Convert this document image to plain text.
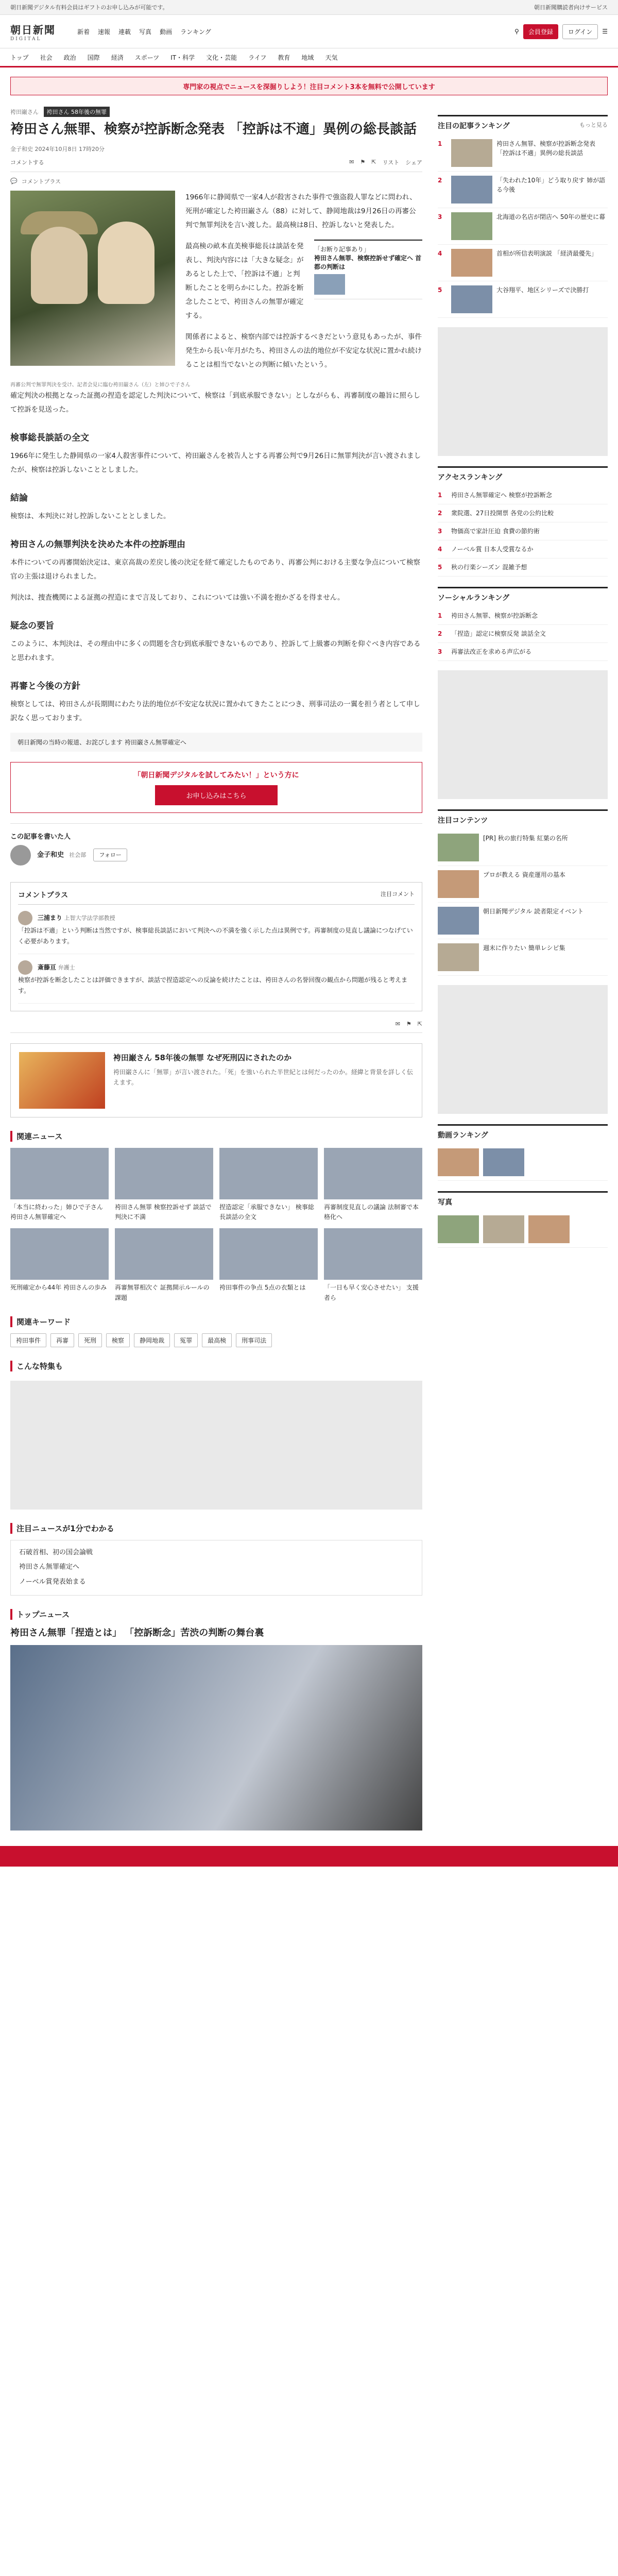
朝日新聞デジタル有料会員はギフトのお申し込みが可能です。	朝日新聞購読者向けサービス
朝日新聞
DIGITAL
新着 速報 連載 写真 動画 ランキング	⚲	会員登録	ログイン	☰
トップ 社会 政治 国際 経済 スポーツ IT・科学 文化・芸能 ライフ 教育 地域 天気
専門家の視点でニュースを深掘りしよう！注目コメント3本を無料で公開しています
袴田巌さん 袴田さん 58年後の無罪
袴田さん無罪、検察が控訴断念発表 「控訴は不適」異例の総長談話
金子和史 2024年10月8日 17時20分
コメントする	✉ ⚑ ⇱ リスト シェア
💬 コメントプラス

1966年に静岡県で一家4人が殺害された事件で強盗殺人罪などに問われ、死刑が確定した袴田巌さん（88）に対して、静岡地裁は9月26日の再審公判で無罪判決を言い渡した。最高検は8日、控訴しないと発表した。

「お断り記事あり」
袴田さん無罪、検察控訴せず確定へ 首都の判断は

最高検の畝本直美検事総長は談話を発表し、判決内容には「大きな疑念」があるとした上で、「控訴は不適」と判断したことを明らかにした。控訴を断念したことで、袴田さんの無罪が確定する。

関係者によると、検察内部では控訴するべきだという意見もあったが、事件発生から長い年月がたち、袴田さんの法的地位が不安定な状況に置かれ続けることは相当でないとの判断に傾いたという。

再審公判で無罪判決を受け、記者会見に臨む袴田巌さん（左）と姉ひで子さん

確定判決の根拠となった証拠の捏造を認定した判決について、検察は「到底承服できない」としながらも、再審制度の趣旨に照らして控訴を見送った。

検事総長談話の全文

1966年に発生した静岡県の一家4人殺害事件について、袴田巌さんを被告人とする再審公判で9月26日に無罪判決が言い渡されましたが、検察は控訴しないこととしました。

結論

検察は、本判決に対し控訴しないこととしました。

袴田さんの無罪判決を決めた本件の控訴理由

本件についての再審開始決定は、東京高裁の差戻し後の決定を経て確定したものであり、再審公判における主要な争点について検察官の主張は退けられました。

判決は、捜査機関による証拠の捏造にまで言及しており、これについては強い不満を抱かざるを得ません。

疑念の要旨

このように、本判決は、その理由中に多くの問題を含む到底承服できないものであり、控訴して上級審の判断を仰ぐべき内容であると思われます。

再審と今後の方針

検察としては、袴田さんが長期間にわたり法的地位が不安定な状況に置かれてきたことにつき、刑事司法の一翼を担う者として申し訳なく思っております。

朝日新聞の当時の報道、お詫びします 袴田巌さん無罪確定へ
「朝日新聞デジタルを試してみたい！」という方に
お申し込みはこちら
この記事を書いた人
金子和史 社会部 フォロー
コメントプラス	注目コメント
三浦まり 上智大学法学部教授
「控訴は不適」という判断は当然ですが、検事総長談話において判決への不満を強く示した点は異例です。再審制度の見直し議論につなげていく必要があります。
斎藤亘 弁護士
検察が控訴を断念したことは評価できますが、談話で捏造認定への反論を続けたことは、袴田さんの名誉回復の観点から問題が残ると考えます。
✉ ⚑ ⇱
袴田巌さん 58年後の無罪 なぜ死刑囚にされたのか
袴田巌さんに「無罪」が言い渡された。「死」を強いられた半世紀とは何だったのか。経緯と背景を詳しく伝えます。
関連ニュース
「本当に終わった」姉ひで子さん 袴田さん無罪確定へ
袴田さん無罪 検察控訴せず 談話で判決に不満
捏造認定「承服できない」 検事総長談話の全文
再審制度見直しの議論 法制審で本格化へ
死刑確定から44年 袴田さんの歩み	再審無罪相次ぐ 証拠開示ルールの課題
袴田事件の争点 5点の衣類とは	「一日も早く安心させたい」 支援者ら
関連キーワード
袴田事件	再審	死刑	検察	静岡地裁	冤罪	最高検	刑事司法
こんな特集も
注目ニュースが1分でわかる
石破首相、初の国会論戦
袴田さん無罪確定へ
ノーベル賞発表始まる
トップニュース
袴田さん無罪「捏造とは」 「控訴断念」苦渋の判断の舞台裏
注目の記事ランキング	もっと見る
1	袴田さん無罪、検察が控訴断念発表 「控訴は不適」異例の総長談話
2	「失われた10年」どう取り戻す 姉が語る今後
3	北海道の名店が閉店へ 50年の歴史に幕
4	首相が所信表明演説 「経済最優先」
5	大谷翔平、地区シリーズで決勝打
アクセスランキング
1	袴田さん無罪確定へ 検察が控訴断念
2	衆院選、27日投開票 各党の公約比較
3	物価高で家計圧迫 食費の節約術
4	ノーベル賞 日本人受賞なるか
5	秋の行楽シーズン 混雑予想
ソーシャルランキング
1	袴田さん無罪、検察が控訴断念
2	「捏造」認定に検察反発 談話全文
3	再審法改正を求める声広がる
注目コンテンツ
[PR] 秋の旅行特集 紅葉の名所
プロが教える 資産運用の基本
朝日新聞デジタル 読者限定イベント
週末に作りたい 簡単レシピ集
動画ランキング
写真
